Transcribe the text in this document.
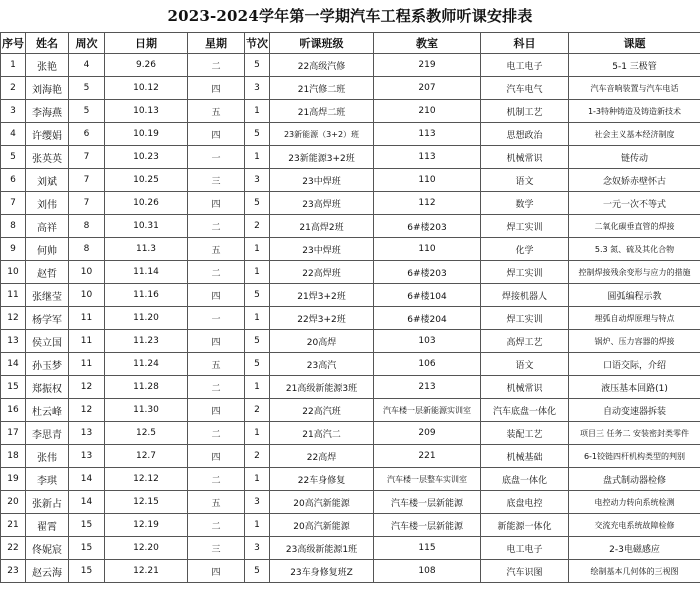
2023-2024学年第一学期汽车工程系教师听课安排表
序号	姓名	周次	日期	星期	节次	听课班级	教室	科目	课题
1	张艳	4	9.26	二	5	22高级汽修	219	电工电子	5-1 三极管
2	刘海艳	5	10.12	四	3	21汽修二班	207	汽车电气	汽车音响装置与汽车电话
3	李海燕	5	10.13	五	1	21高焊二班	210	机制工艺	1-3特种铸造及铸造新技术
4	许缨娟	6	10.19	四	5	23新能源（3+2）班	113	思想政治	社会主义基本经济制度
5	张英英	7	10.23	一	1	23新能源3+2班	113	机械常识	链传动
6	刘斌	7	10.25	三	3	23中焊班	110	语文	念奴娇赤壁怀古
7	刘伟	7	10.26	四	5	23高焊班	112	数学	一元一次不等式
8	高祥	8	10.31	二	2	21高焊2班	6#楼203	焊工实训	二氧化碳垂直管的焊接
9	何帅	8	11.3	五	1	23中焊班	110	化学	5.3 氮、硫及其化合物
10	赵哲	10	11.14	二	1	22高焊班	6#楼203	焊工实训	控制焊接残余变形与应力的措施
11	张继莹	10	11.16	四	5	21焊3+2班	6#楼104	焊接机器人	圆弧编程示教
12	杨学军	11	11.20	一	1	22焊3+2班	6#楼204	焊工实训	埋弧自动焊原理与特点
13	侯立国	11	11.23	四	5	20高焊	103	高焊工艺	锅炉、压力容器的焊接
14	孙玉梦	11	11.24	五	5	23高汽	106	语文	口语交际，介绍
15	郑振权	12	11.28	二	1	21高级新能源3班	213	机械常识	液压基本回路(1)
16	杜云峰	12	11.30	四	2	22高汽班	汽车楼一层新能源实训室	汽车底盘一体化	自动变速器拆装
17	李思青	13	12.5	二	1	21高汽二	209	装配工艺	项目三 任务二 安装密封类零件
18	张伟	13	12.7	四	2	22高焊	221	机械基础	6-1铰链四杆机构类型的判别
19	李琪	14	12.12	二	1	22车身修复	汽车楼一层整车实训室	底盘一体化	盘式制动器检修
20	张新占	14	12.15	五	3	20高汽新能源	汽车楼一层新能源	底盘电控	电控动力转向系统检测
21	翟霄	15	12.19	二	1	20高汽新能源	汽车楼一层新能源	新能源一体化	交流充电系统故障检修
22	佟妮宸	15	12.20	三	3	23高级新能源1班	115	电工电子	2-3电磁感应
23	赵云海	15	12.21	四	5	23车身修复班Z	108	汽车识图	绘制基本几何体的三视图
